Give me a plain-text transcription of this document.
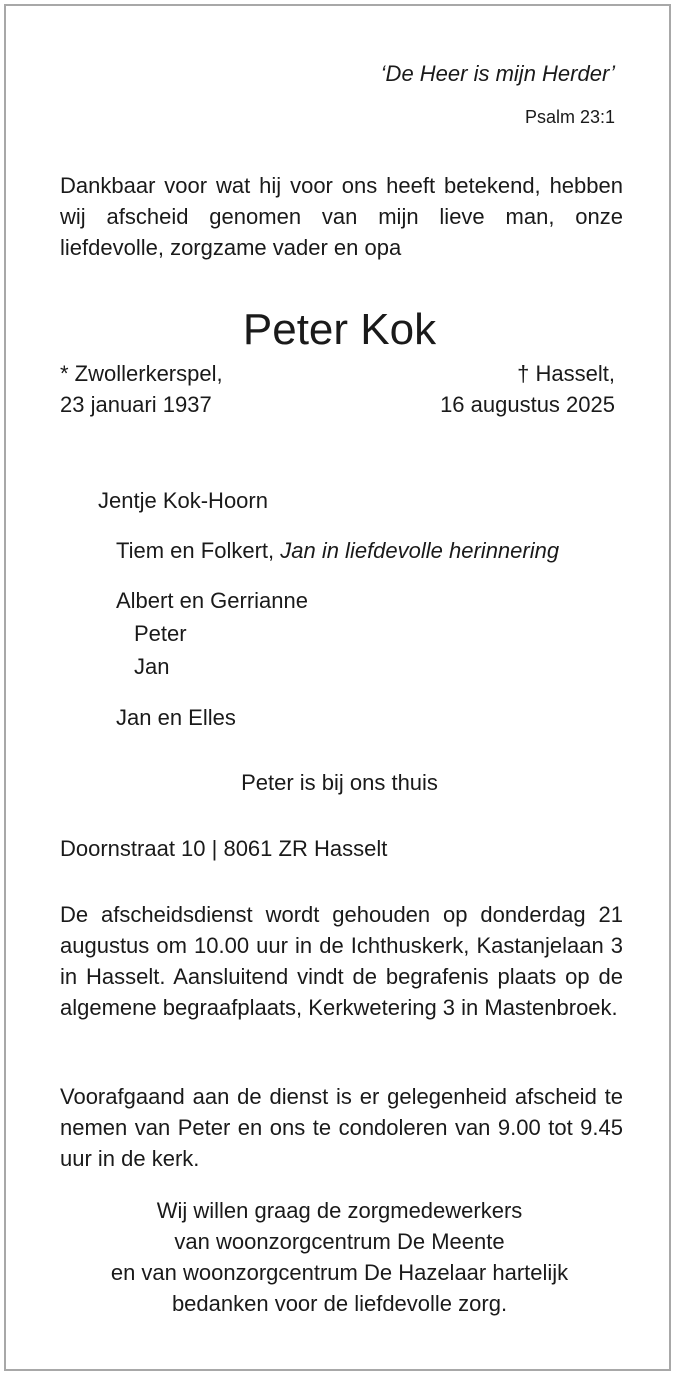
‘De Heer is mijn Herder’

Psalm 23:1

Dankbaar voor wat hij voor ons heeft betekend, hebben wij afscheid genomen van mijn lieve man, onze liefdevolle, zorgzame vader en opa

Peter Kok
* Zwollerkerspel,
23 januari 1937
† Hasselt,
16 augustus 2025

Jentje Kok-Hoorn

Tiem en Folkert, Jan in liefdevolle herinnering

Albert en Gerrianne

Peter

Jan

Jan en Elles

Peter is bij ons thuis

Doornstraat 10 | 8061 ZR Hasselt

De afscheidsdienst wordt gehouden op donderdag 21 augustus om 10.00 uur in de Ichthuskerk, Kastanjelaan 3 in Hasselt. Aansluitend vindt de begrafenis plaats op de algemene begraafplaats, Kerkwetering 3 in Mastenbroek.

Voorafgaand aan de dienst is er gelegenheid afscheid te nemen van Peter en ons te condoleren van 9.00 tot 9.45 uur in de kerk.

Wij willen graag de zorgmedewerkers
van woonzorgcentrum De Meente
en van woonzorgcentrum De Hazelaar hartelijk
bedanken voor de liefdevolle zorg.
